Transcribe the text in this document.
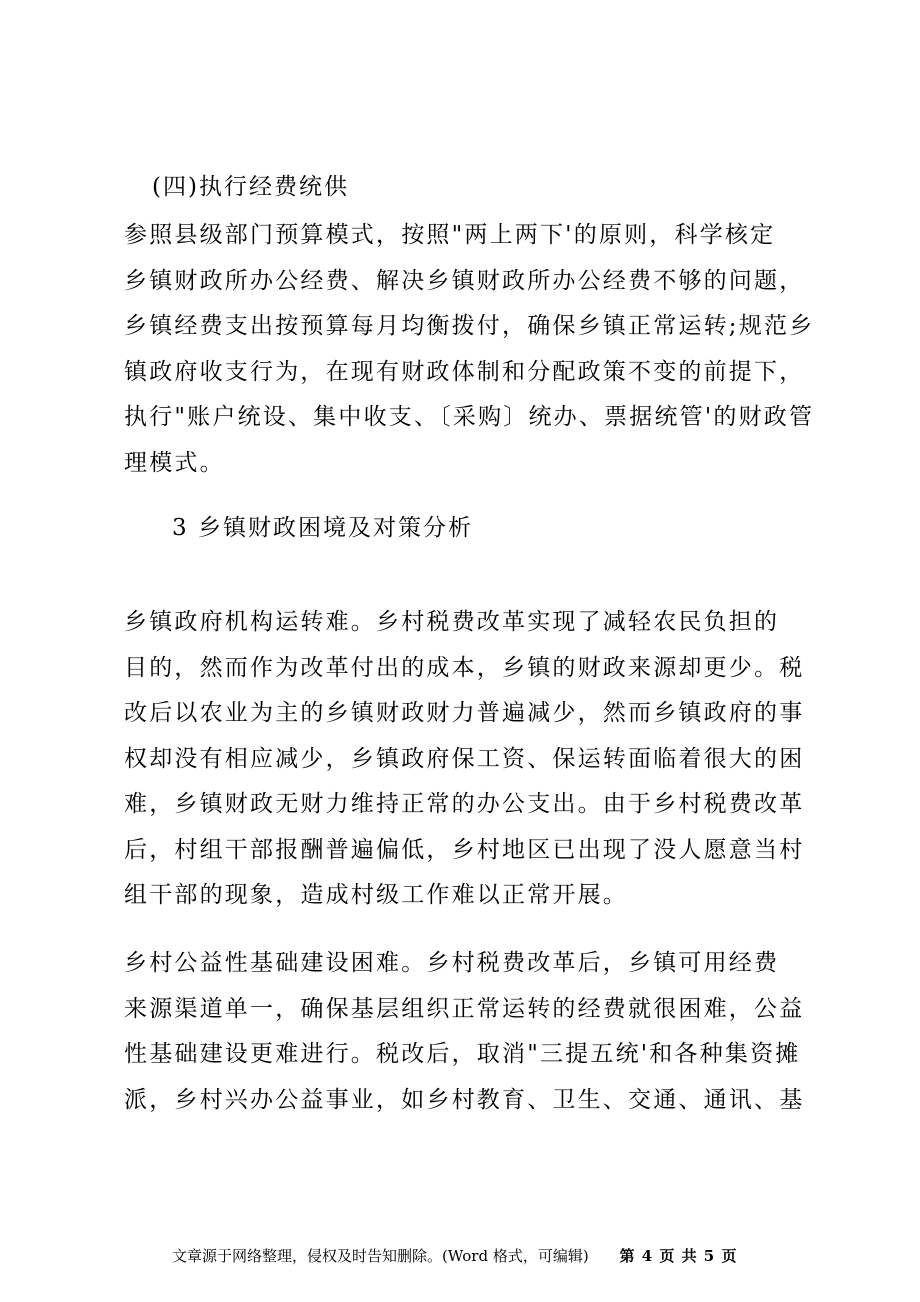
(四)执行经费统供
参照县级部门预算模式，按照"两上两下'的原则，科学核定
乡镇财政所办公经费、解决乡镇财政所办公经费不够的问题，
乡镇经费支出按预算每月均衡拨付，确保乡镇正常运转;规范乡
镇政府收支行为，在现有财政体制和分配政策不变的前提下，
执行"账户统设、集中收支、〔采购〕统办、票据统管'的财政管
理模式。
3 乡镇财政困境及对策分析
乡镇政府机构运转难。乡村税费改革实现了减轻农民负担的
目的，然而作为改革付出的成本，乡镇的财政来源却更少。税
改后以农业为主的乡镇财政财力普遍减少，然而乡镇政府的事
权却没有相应减少，乡镇政府保工资、保运转面临着很大的困
难，乡镇财政无财力维持正常的办公支出。由于乡村税费改革
后，村组干部报酬普遍偏低，乡村地区已出现了没人愿意当村
组干部的现象，造成村级工作难以正常开展。
乡村公益性基础建设困难。乡村税费改革后，乡镇可用经费
来源渠道单一，确保基层组织正常运转的经费就很困难，公益
性基础建设更难进行。税改后，取消"三提五统'和各种集资摊
派，乡村兴办公益事业，如乡村教育、卫生、交通、通讯、基
文章源于网络整理，侵权及时告知删除。(Word 格式，可编辑) 第 4 页 共 5 页
